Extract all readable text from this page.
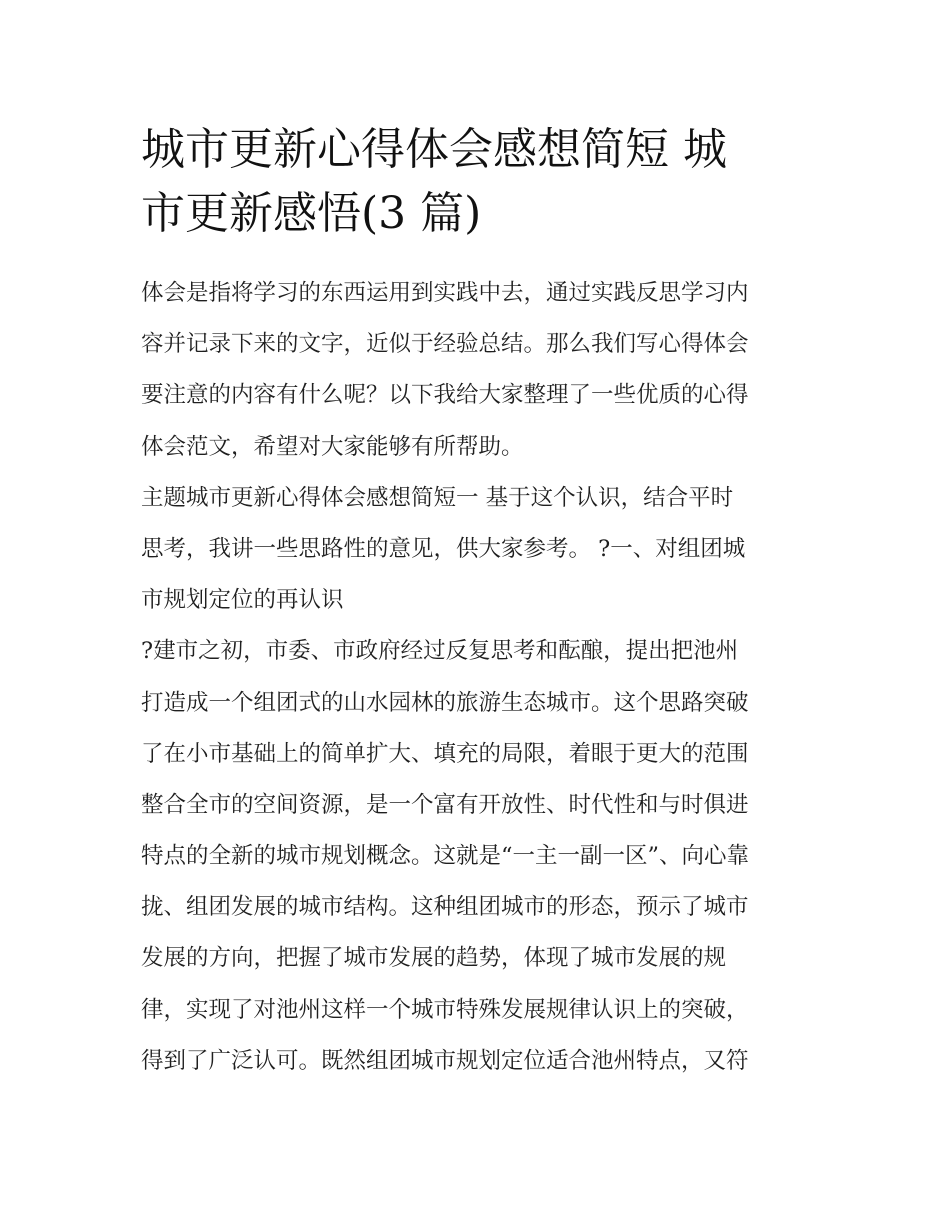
城市更新心得体会感想简短 城
市更新感悟(3 篇)
体会是指将学习的东西运用到实践中去，通过实践反思学习内
容并记录下来的文字，近似于经验总结。那么我们写心得体会
要注意的内容有什么呢？以下我给大家整理了一些优质的心得
体会范文，希望对大家能够有所帮助。
主题城市更新心得体会感想简短一 基于这个认识，结合平时
思考，我讲一些思路性的意见，供大家参考。 ?一、对组团城
市规划定位的再认识
?建市之初，市委、市政府经过反复思考和酝酿，提出把池州
打造成一个组团式的山水园林的旅游生态城市。这个思路突破
了在小市基础上的简单扩大、填充的局限，着眼于更大的范围
整合全市的空间资源，是一个富有开放性、时代性和与时俱进
特点的全新的城市规划概念。这就是“一主一副一区”、向心靠
拢、组团发展的城市结构。这种组团城市的形态，预示了城市
发展的方向，把握了城市发展的趋势，体现了城市发展的规
律，实现了对池州这样一个城市特殊发展规律认识上的突破，
得到了广泛认可。既然组团城市规划定位适合池州特点，又符
